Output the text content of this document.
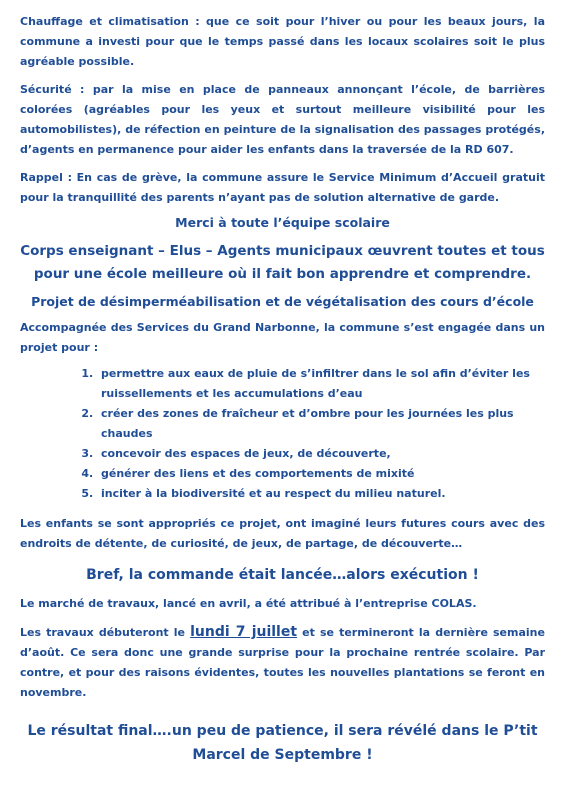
Chauffage et climatisation : que ce soit pour l’hiver ou pour les beaux jours, la commune a investi pour que le temps passé dans les locaux scolaires soit le plus agréable possible.

Sécurité : par la mise en place de panneaux annonçant l’école, de barrières colorées (agréables pour les yeux et surtout meilleure visibilité pour les automobilistes), de réfection en peinture de la signalisation des passages protégés, d’agents en permanence pour aider les enfants dans la traversée de la RD 607.

Rappel : En cas de grève, la commune assure le Service Minimum d’Accueil gratuit pour la tranquillité des parents n’ayant pas de solution alternative de garde.

Merci à toute l’équipe scolaire

Corps enseignant – Elus – Agents municipaux œuvrent toutes et tous pour une école meilleure où il fait bon apprendre et comprendre.

Projet de désimperméabilisation et de végétalisation des cours d’école

Accompagnée des Services du Grand Narbonne, la commune s’est engagée dans un projet pour :

1. permettre aux eaux de pluie de s’infiltrer dans le sol afin d’éviter les ruissellements et les accumulations d’eau
2. créer des zones de fraîcheur et d’ombre pour les journées les plus chaudes
3. concevoir des espaces de jeux, de découverte,
4. générer des liens et des comportements de mixité
5. inciter à la biodiversité et au respect du milieu naturel.

Les enfants se sont appropriés ce projet, ont imaginé leurs futures cours avec des endroits de détente, de curiosité, de jeux, de partage, de découverte…

Bref, la commande était lancée…alors exécution !

Le marché de travaux, lancé en avril, a été attribué à l’entreprise COLAS.

Les travaux débuteront le lundi 7 juillet et se termineront la dernière semaine d’août. Ce sera donc une grande surprise pour la prochaine rentrée scolaire. Par contre, et pour des raisons évidentes, toutes les nouvelles plantations se feront en novembre.

Le résultat final….un peu de patience, il sera révélé dans le P’tit Marcel de Septembre !
